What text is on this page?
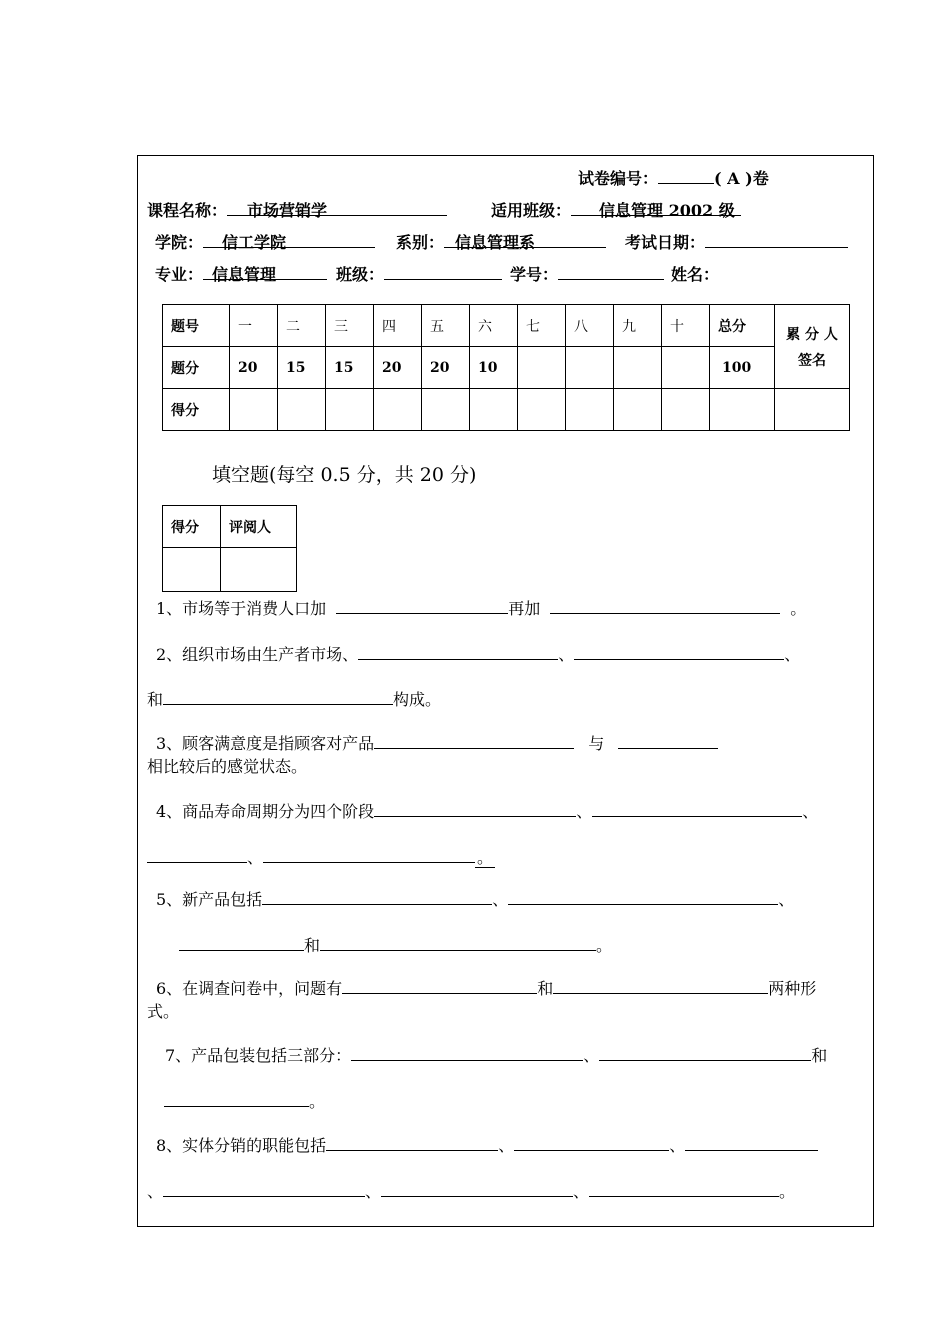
试卷编号：	( A )卷
课程名称： 市场营销学	适用班级： 信息管理 2002 级
学院： 信工学院	系别： 信息管理系	考试日期：
专业： 信息管理	班级：	学号：	姓名：
题号	一	二	三	四	五	六	七	八	九	十	总分	累 分 人
签名

题分	20	15	15	20	20	10					100	
得分												
填空题(每空 0.5 分，共 20 分)
得分	评阅人

1、市场等于消费人口加	再加	。
2、组织市场由生产者市场、	、	、
和	构成。
3、顾客满意度是指顾客对产品	与
相比较后的感觉状态。
4、商品寿命周期分为四个阶段	、	、
、	。
5、新产品包括	、	、
和	。
6、在调查问卷中，问题有	和	两种形
式。
7、产品包装包括三部分：	、	和
。
8、实体分销的职能包括	、	、
、	、	、	。
